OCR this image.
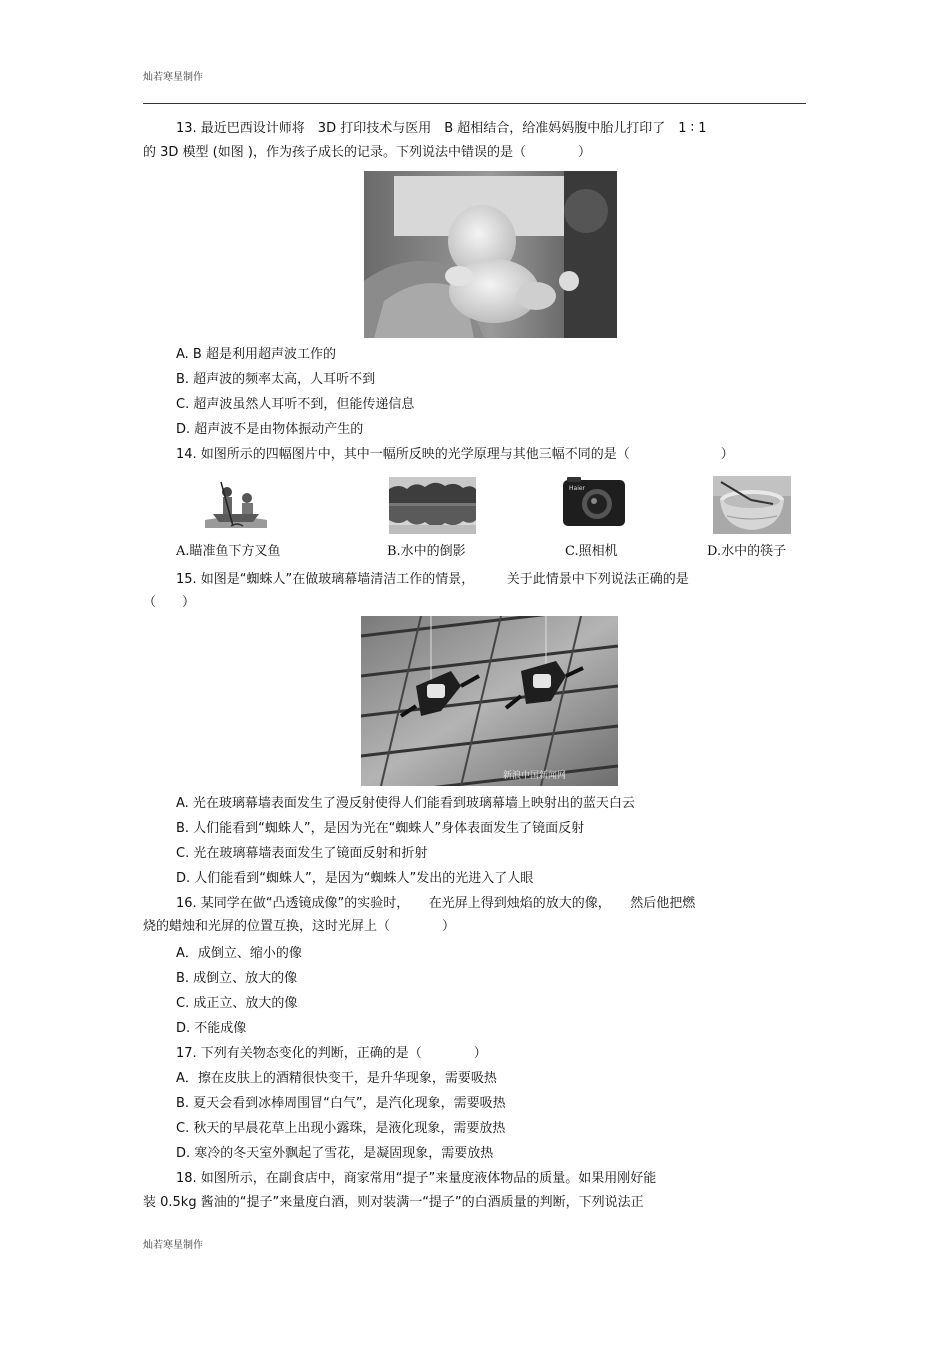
灿若寒星制作
13. 最近巴西设计师将　3D 打印技术与医用　B 超相结合，给准妈妈腹中胎儿打印了　1 ∶ 1
的 3D 模型 (如图 )，作为孩子成长的记录。下列说法中错误的是（　　　　）
A. B 超是利用超声波工作的
B. 超声波的频率太高，人耳听不到
C. 超声波虽然人耳听不到，但能传递信息
D. 超声波不是由物体振动产生的
14. 如图所示的四幅图片中，其中一幅所反映的光学原理与其他三幅不同的是（　　　　　　　）
Haier
A.瞄准鱼下方叉鱼	B.水中的倒影	C.照相机	D.水中的筷子
15. 如图是“蜘蛛人”在做玻璃幕墙清洁工作的情景，　　　关于此情景中下列说法正确的是
（　　）
新浪中国新闻网
A. 光在玻璃幕墙表面发生了漫反射使得人们能看到玻璃幕墙上映射出的蓝天白云
B. 人们能看到“蜘蛛人”，是因为光在“蜘蛛人”身体表面发生了镜面反射
C. 光在玻璃幕墙表面发生了镜面反射和折射
D. 人们能看到“蜘蛛人”，是因为“蜘蛛人”发出的光进入了人眼
16. 某同学在做“凸透镜成像”的实验时，　　在光屏上得到烛焰的放大的像，　　然后他把燃
烧的蜡烛和光屏的位置互换，这时光屏上（　　　　）
A．成倒立、缩小的像
B. 成倒立、放大的像
C. 成正立、放大的像
D. 不能成像
17. 下列有关物态变化的判断，正确的是（　　　　）
A．擦在皮肤上的酒精很快变干，是升华现象，需要吸热
B. 夏天会看到冰棒周围冒“白气”，是汽化现象，需要吸热
C. 秋天的早晨花草上出现小露珠，是液化现象，需要放热
D. 寒冷的冬天室外飘起了雪花，是凝固现象，需要放热
18. 如图所示，在副食店中，商家常用“提子”来量度液体物品的质量。如果用刚好能
装 0.5kg 酱油的“提子”来量度白酒，则对装满一“提子”的白酒质量的判断，下列说法正
灿若寒星制作
